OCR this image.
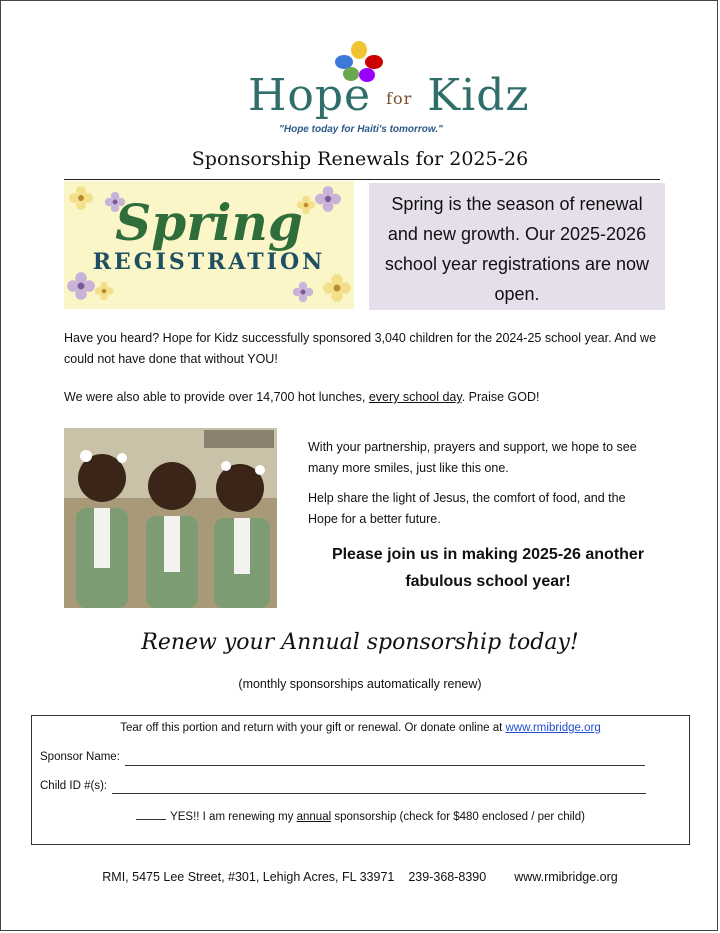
Hope for Kidz
"Hope today for Haiti's tomorrow."
Sponsorship Renewals for 2025-26
Spring
REGISTRATION
Spring is the season of renewal and new growth. Our 2025-2026 school year registrations are now open.
Have you heard? Hope for Kidz successfully sponsored 3,040 children for the 2024-25 school year. And we could not have done that without YOU!
We were also able to provide over 14,700 hot lunches, every school day. Praise GOD!
With your partnership, prayers and support, we hope to see many more smiles, just like this one.
Help share the light of Jesus, the comfort of food, and the Hope for a better future.
Please join us in making 2025-26 another fabulous school year!
Renew your Annual sponsorship today!
(monthly sponsorships automatically renew)
Tear off this portion and return with your gift or renewal. Or donate online at www.rmibridge.org
Sponsor Name:
Child ID #(s):
YES!! I am renewing my annual sponsorship (check for $480 enclosed / per child)
RMI, 5475 Lee Street, #301, Lehigh Acres, FL 33971 239-368-8390 www.rmibridge.org
